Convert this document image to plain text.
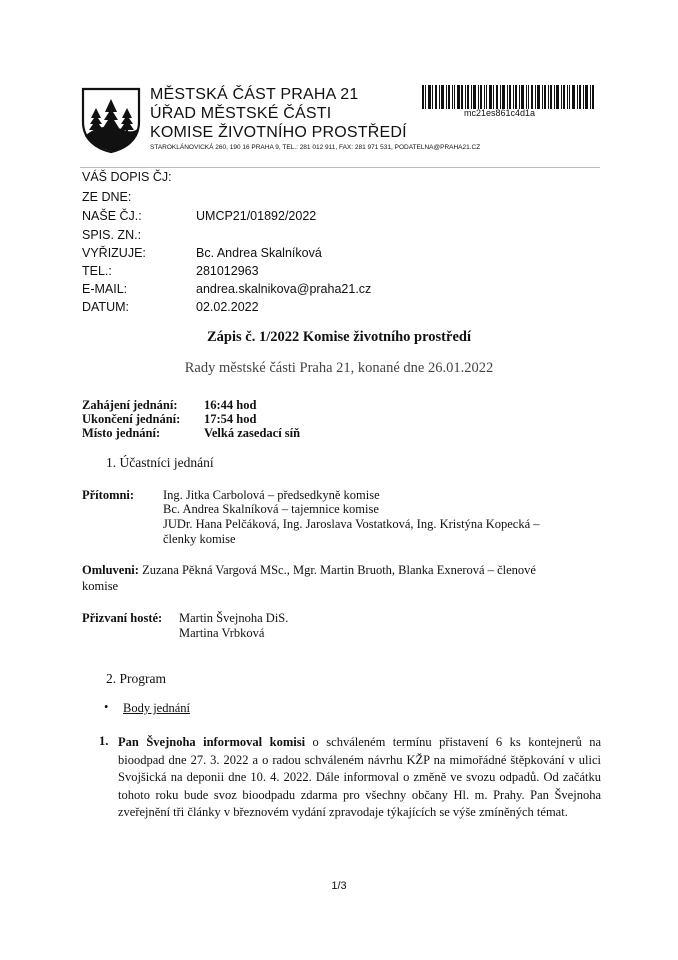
MĚSTSKÁ ČÁST PRAHA 21
ÚŘAD MĚSTSKÉ ČÁSTI
KOMISE ŽIVOTNÍHO PROSTŘEDÍ
STAROKLÁNOVICKÁ 260, 190 16 PRAHA 9, TEL.: 281 012 911, FAX: 281 971 531, PODATELNA@PRAHA21.CZ
mc21es861c4d1a
VÁŠ DOPIS ČJ:
ZE DNE:
NAŠE ČJ.:	UMCP21/01892/2022
SPIS. ZN.:
VYŘIZUJE:	Bc. Andrea Skalníková
TEL.:	281012963
E-MAIL:	andrea.skalnikova@praha21.cz
DATUM:	02.02.2022
Zápis č. 1/2022 Komise životního prostředí
Rady městské části Praha 21, konané dne 26.01.2022
Zahájení jednání: 16:44 hod
Ukončení jednání: 17:54 hod
Místo jednání:	Velká zasedací síň
1. Účastníci jednání
Přítomni: Ing. Jitka Carbolová – předsedkyně komise
Bc. Andrea Skalníková – tajemnice komise
JUDr. Hana Pelčáková, Ing. Jaroslava Vostatková, Ing. Kristýna Kopecká –
členky komise
Omluveni: Zuzana Pěkná Vargová MSc., Mgr. Martin Bruoth, Blanka Exnerová – členové
komise
Přizvaní hosté: Martin Švejnoha DiS.
Martina Vrbková
2. Program
• Body jednání
1. Pan Švejnoha informoval komisi o schváleném termínu přistavení 6 ks kontejnerů na bioodpad dne 27. 3. 2022 a o radou schváleném návrhu KŽP na mimořádné štěpkování v ulici Svojšická na deponii dne 10. 4. 2022. Dále informoval o změně ve svozu odpadů. Od začátku tohoto roku bude svoz bioodpadu zdarma pro všechny občany Hl. m. Prahy. Pan Švejnoha zveřejnění tři články v březnovém vydání zpravodaje týkajících se výše zmíněných témat.
1/3
